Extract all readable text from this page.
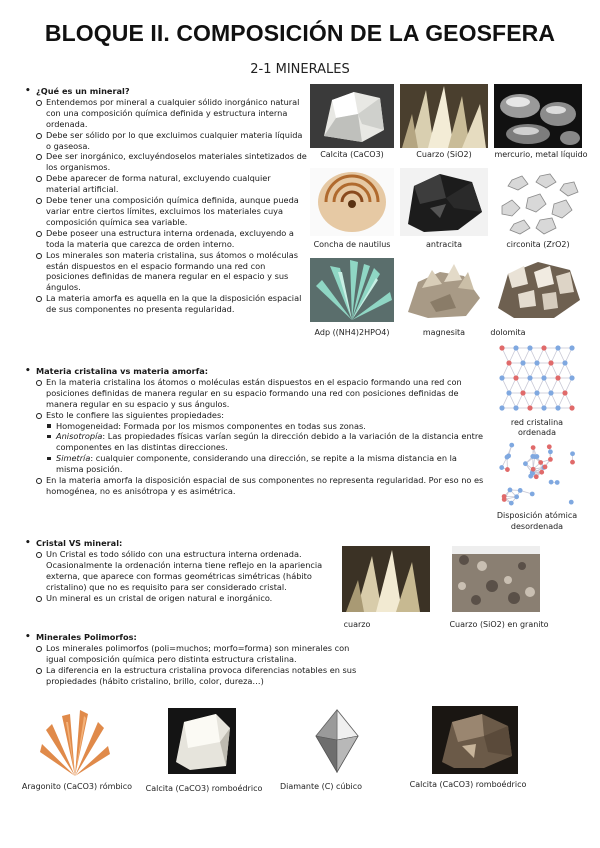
BLOQUE II. COMPOSICIÓN DE LA GEOSFERA
2-1 MINERALES
• ¿Qué es un mineral?
Entendemos por mineral a cualquier sólido inorgánico natural con una composición química definida y estructura interna ordenada.
Debe ser sólido por lo que excluimos cualquier materia líquida o gaseosa.
Dee ser inorgánico, excluyéndoselos materiales sintetizados de los organismos.
Debe aparecer de forma natural, excluyendo cualquier material artificial.
Debe tener una composición química definida, aunque pueda variar entre ciertos límites, excluimos los materiales cuya composición química sea variable.
Debe poseer una estructura interna ordenada, excluyendo a toda la materia que carezca de orden interno.
Los minerales son materia cristalina, sus átomos o moléculas están dispuestos en el espacio formando una red con posiciones definidas de manera regular en el espacio y sus ángulos.
La materia amorfa es aquella en la que la disposición espacial de sus componentes no presenta regularidad.
Calcita (CaCO3)	Cuarzo (SiO2)	mercurio, metal líquido
Concha de nautilus	antracita	circonita (ZrO2)
Adp ((NH4)2HPO4)	magnesita	dolomita
• Materia cristalina vs materia amorfa:
En la materia cristalina los átomos o moléculas están dispuestos en el espacio formando una red con posiciones definidas de manera regular en su espacio formando una red con posiciones definidas de manera regular en su espacio y sus ángulos.
Esto le confiere las siguientes propiedades:
Homogeneidad: Formada por los mismos componentes en todas sus zonas.
Anisotropía: Las propiedades físicas varían según la dirección debido a la variación de la distancia entre componentes en las distintas direcciones.
Simetría: cualquier componente, considerando una dirección, se repite a la misma distancia en la misma posición.
En la materia amorfa la disposición espacial de sus componentes no representa regularidad. Por eso no es homogénea, no es anisótropa y es asimétrica.
red cristalina ordenada
Disposición atómica desordenada
• Cristal VS mineral:
Un Cristal es todo sólido con una estructura interna ordenada. Ocasionalmente la ordenación interna tiene reflejo en la apariencia externa, que aparece con formas geométricas simétricas (hábito cristalino) que no es requisito para ser considerado cristal.
Un mineral es un cristal de origen natural e inorgánico.
cuarzo	Cuarzo (SiO2) en granito
• Minerales Polimorfos:
Los minerales polimorfos (poli=muchos; morfo=forma) son minerales con igual composición química pero distinta estructura cristalina.
La diferencia en la estructura cristalina provoca diferencias notables en sus propiedades (hábito cristalino, brillo, color, dureza…)
Aragonito (CaCO3) rómbico	Calcita (CaCO3) romboédrico	Diamante (C) cúbico	Calcita (CaCO3) romboédrico
